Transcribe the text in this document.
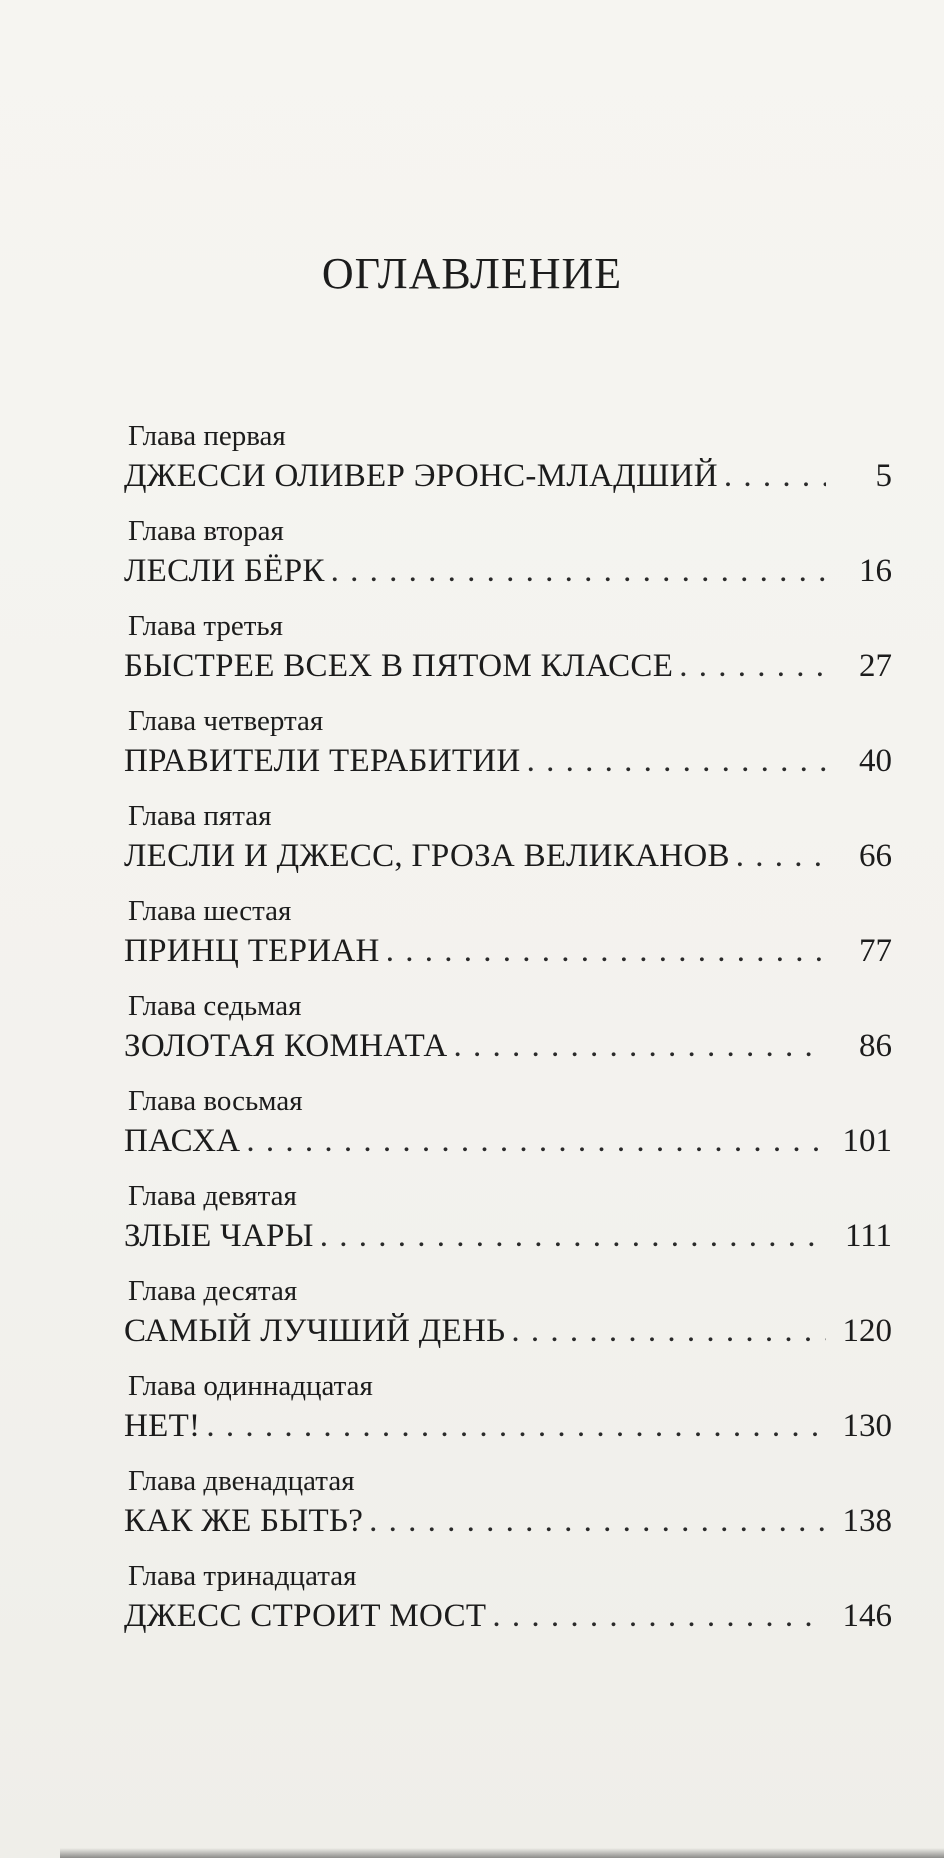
ОГЛАВЛЕНИЕ
Глава первая
ДЖЕССИ ОЛИВЕР ЭРОНС-МЛАДШИЙ . . .	5
Глава вторая
ЛЕСЛИ БЁРК . . .	16
Глава третья
БЫСТРЕЕ ВСЕХ В ПЯТОМ КЛАССЕ . . .	27
Глава четвертая
ПРАВИТЕЛИ ТЕРАБИТИИ . . .	40
Глава пятая
ЛЕСЛИ И ДЖЕСС, ГРОЗА ВЕЛИКАНОВ . . .	66
Глава шестая
ПРИНЦ ТЕРИАН . . .	77
Глава седьмая
ЗОЛОТАЯ КОМНАТА . . .	86
Глава восьмая
ПАСХА . . .	101
Глава девятая
ЗЛЫЕ ЧАРЫ . . .	111
Глава десятая
САМЫЙ ЛУЧШИЙ ДЕНЬ . . .	120
Глава одиннадцатая
НЕТ! . . .	130
Глава двенадцатая
КАК ЖЕ БЫТЬ? . . .	138
Глава тринадцатая
ДЖЕСС СТРОИТ МОСТ . . .	146
